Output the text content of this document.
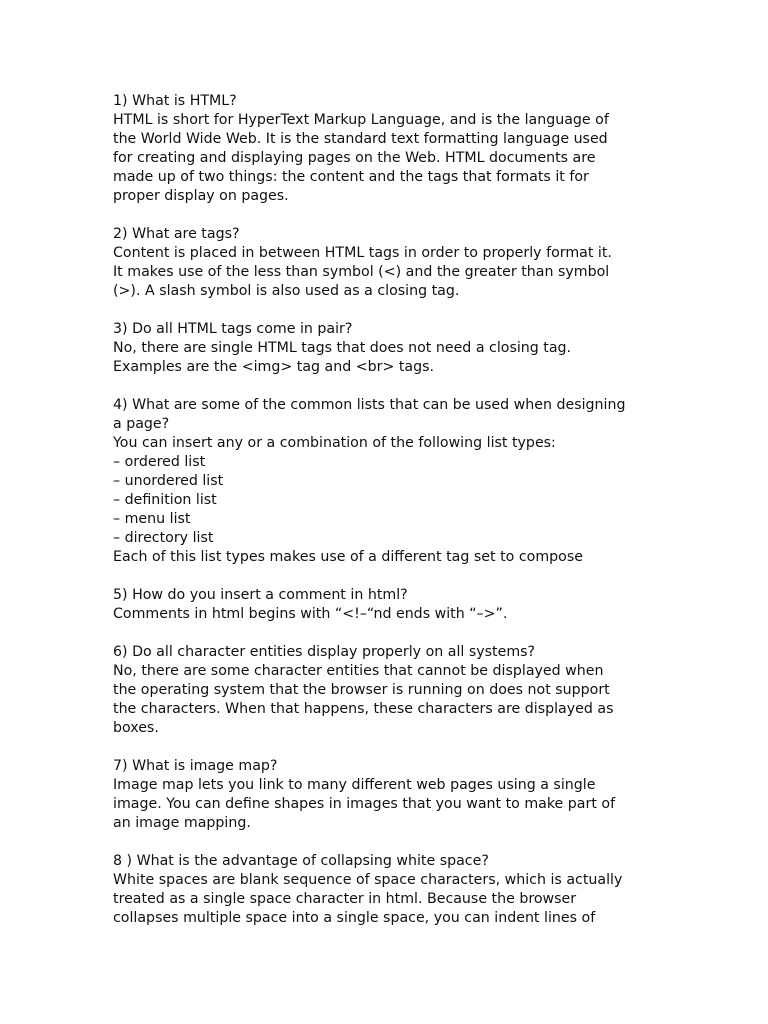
1) What is HTML?
HTML is short for HyperText Markup Language, and is the language of
the World Wide Web. It is the standard text formatting language used
for creating and displaying pages on the Web. HTML documents are
made up of two things: the content and the tags that formats it for
proper display on pages.
2) What are tags?
Content is placed in between HTML tags in order to properly format it.
It makes use of the less than symbol (<) and the greater than symbol
(>). A slash symbol is also used as a closing tag.
3) Do all HTML tags come in pair?
No, there are single HTML tags that does not need a closing tag.
Examples are the <img> tag and <br> tags.
4) What are some of the common lists that can be used when designing
a page?
You can insert any or a combination of the following list types:
– ordered list
– unordered list
– definition list
– menu list
– directory list
Each of this list types makes use of a different tag set to compose
5) How do you insert a comment in html?
Comments in html begins with “<!–“nd ends with “–>”.
6) Do all character entities display properly on all systems?
No, there are some character entities that cannot be displayed when
the operating system that the browser is running on does not support
the characters. When that happens, these characters are displayed as
boxes.
7) What is image map?
Image map lets you link to many different web pages using a single
image. You can define shapes in images that you want to make part of
an image mapping.
8 ) What is the advantage of collapsing white space?
White spaces are blank sequence of space characters, which is actually
treated as a single space character in html. Because the browser
collapses multiple space into a single space, you can indent lines of
